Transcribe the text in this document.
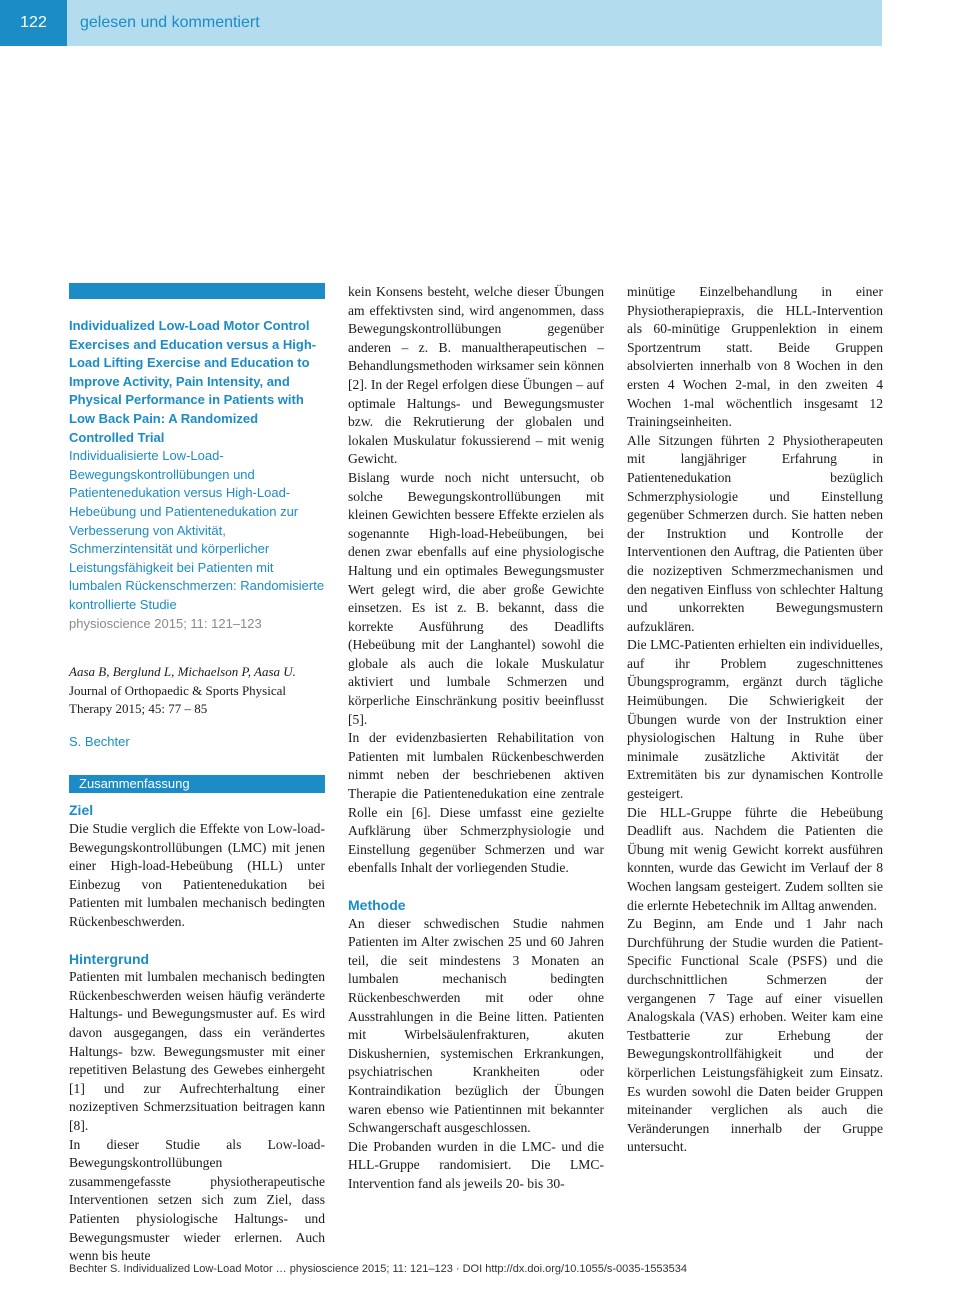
122	gelesen und kommentiert

Individualized Low-Load Motor Control Exercises and Education versus a High-Load Lifting Exercise and Education to Improve Activity, Pain Intensity, and Physical Performance in Patients with Low Back Pain: A Randomized Controlled Trial

Individualisierte Low-Load-Bewegungskontrollübungen und Patientenedukation versus High-Load-Hebeübung und Patientenedukation zur Verbesserung von Aktivität, Schmerzintensität und körperlicher Leistungsfähigkeit bei Patienten mit lumbalen Rückenschmerzen: Randomisierte kontrollierte Studie

physioscience 2015; 11: 121–123

Aasa B, Berglund L, Michaelson P, Aasa U.

Journal of Orthopaedic & Sports Physical Therapy 2015; 45: 77 – 85

S. Bechter

Zusammenfassung

Ziel

Die Studie verglich die Effekte von Low-load-Bewegungskontrollübungen (LMC) mit jenen einer High-load-Hebeübung (HLL) unter Einbezug von Patientenedukation bei Patienten mit lumbalen mechanisch bedingten Rückenbeschwerden.

Hintergrund

Patienten mit lumbalen mechanisch bedingten Rückenbeschwerden weisen häufig veränderte Haltungs- und Bewegungsmuster auf. Es wird davon ausgegangen, dass ein verändertes Haltungs- bzw. Bewegungsmuster mit einer repetitiven Belastung des Gewebes einhergeht [1] und zur Aufrechterhaltung einer nozizeptiven Schmerzsituation beitragen kann [8].

In dieser Studie als Low-load-Bewegungskontrollübungen zusammengefasste physiotherapeutische Interventionen setzen sich zum Ziel, dass Patienten physiologische Haltungs- und Bewegungsmuster wieder erlernen. Auch wenn bis heute

kein Konsens besteht, welche dieser Übungen am effektivsten sind, wird angenommen, dass Bewegungskontrollübungen gegenüber anderen – z. B. manualtherapeutischen – Behandlungsmethoden wirksamer sein können [2]. In der Regel erfolgen diese Übungen – auf optimale Haltungs- und Bewegungsmuster bzw. die Rekrutierung der globalen und lokalen Muskulatur fokussierend – mit wenig Gewicht.

Bislang wurde noch nicht untersucht, ob solche Bewegungskontrollübungen mit kleinen Gewichten bessere Effekte erzielen als sogenannte High-load-Hebeübungen, bei denen zwar ebenfalls auf eine physiologische Haltung und ein optimales Bewegungsmuster Wert gelegt wird, die aber große Gewichte einsetzen. Es ist z. B. bekannt, dass die korrekte Ausführung des Deadlifts (Hebeübung mit der Langhantel) sowohl die globale als auch die lokale Muskulatur aktiviert und lumbale Schmerzen und körperliche Einschränkung positiv beeinflusst [5].

In der evidenzbasierten Rehabilitation von Patienten mit lumbalen Rückenbeschwerden nimmt neben der beschriebenen aktiven Therapie die Patientenedukation eine zentrale Rolle ein [6]. Diese umfasst eine gezielte Aufklärung über Schmerzphysiologie und Einstellung gegenüber Schmerzen und war ebenfalls Inhalt der vorliegenden Studie.

Methode

An dieser schwedischen Studie nahmen Patienten im Alter zwischen 25 und 60 Jahren teil, die seit mindestens 3 Monaten an lumbalen mechanisch bedingten Rückenbeschwerden mit oder ohne Ausstrahlungen in die Beine litten. Patienten mit Wirbelsäulenfrakturen, akuten Diskushernien, systemischen Erkrankungen, psychiatrischen Krankheiten oder Kontraindikation bezüglich der Übungen waren ebenso wie Patientinnen mit bekannter Schwangerschaft ausgeschlossen.

Die Probanden wurden in die LMC- und die HLL-Gruppe randomisiert. Die LMC-Intervention fand als jeweils 20- bis 30-

minütige Einzelbehandlung in einer Physiotherapiepraxis, die HLL-Intervention als 60-minütige Gruppenlektion in einem Sportzentrum statt. Beide Gruppen absolvierten innerhalb von 8 Wochen in den ersten 4 Wochen 2-mal, in den zweiten 4 Wochen 1-mal wöchentlich insgesamt 12 Trainingseinheiten.

Alle Sitzungen führten 2 Physiotherapeuten mit langjähriger Erfahrung in Patientenedukation bezüglich Schmerzphysiologie und Einstellung gegenüber Schmerzen durch. Sie hatten neben der Instruktion und Kontrolle der Interventionen den Auftrag, die Patienten über die nozizeptiven Schmerzmechanismen und den negativen Einfluss von schlechter Haltung und unkorrekten Bewegungsmustern aufzuklären.

Die LMC-Patienten erhielten ein individuelles, auf ihr Problem zugeschnittenes Übungsprogramm, ergänzt durch tägliche Heimübungen. Die Schwierigkeit der Übungen wurde von der Instruktion einer physiologischen Haltung in Ruhe über minimale zusätzliche Aktivität der Extremitäten bis zur dynamischen Kontrolle gesteigert.

Die HLL-Gruppe führte die Hebeübung Deadlift aus. Nachdem die Patienten die Übung mit wenig Gewicht korrekt ausführen konnten, wurde das Gewicht im Verlauf der 8 Wochen langsam gesteigert. Zudem sollten sie die erlernte Hebetechnik im Alltag anwenden.

Zu Beginn, am Ende und 1 Jahr nach Durchführung der Studie wurden die Patient-Specific Functional Scale (PSFS) und die durchschnittlichen Schmerzen der vergangenen 7 Tage auf einer visuellen Analogskala (VAS) erhoben. Weiter kam eine Testbatterie zur Erhebung der Bewegungskontrollfähigkeit und der körperlichen Leistungsfähigkeit zum Einsatz. Es wurden sowohl die Daten beider Gruppen miteinander verglichen als auch die Veränderungen innerhalb der Gruppe untersucht.

Bechter S. Individualized Low-Load Motor … physioscience 2015; 11: 121–123 · DOI http://dx.doi.org/10.1055/s-0035-1553534
